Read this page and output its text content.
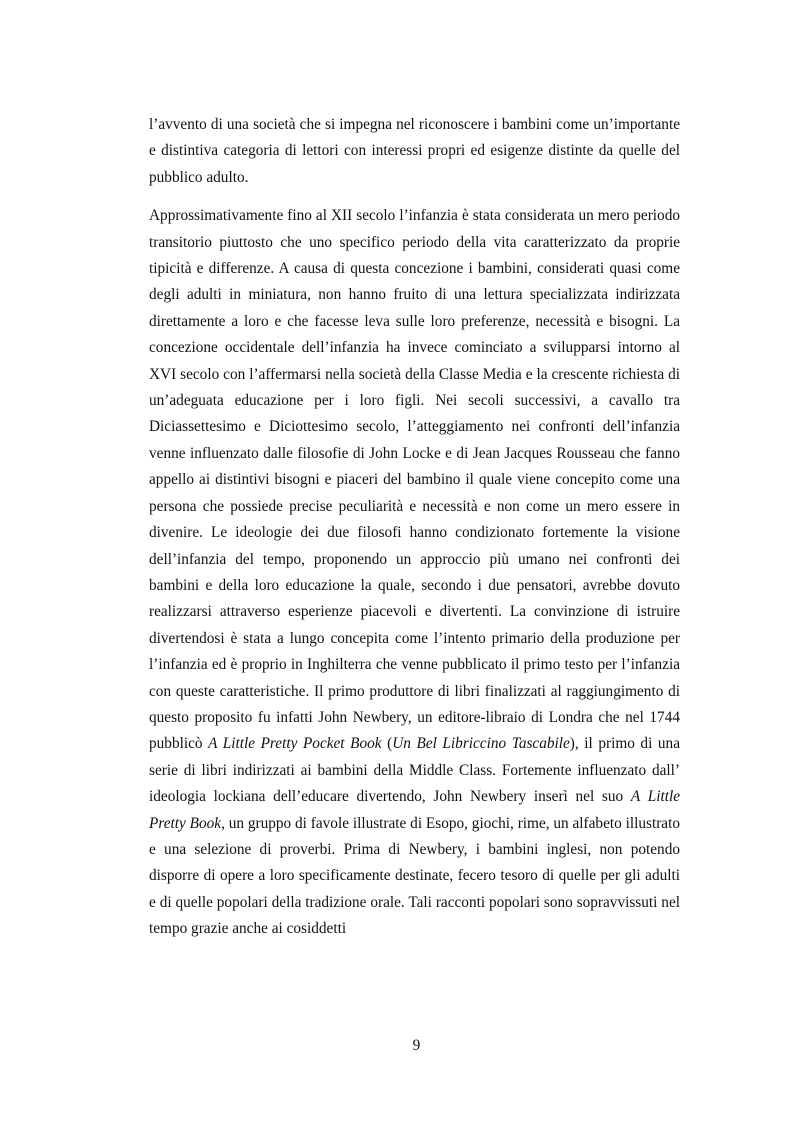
l’avvento di una società che si impegna nel riconoscere i bambini come un’importante e distintiva categoria di lettori con interessi propri ed esigenze distinte da quelle del pubblico adulto.

Approssimativamente fino al XII secolo l’infanzia è stata considerata un mero periodo transitorio piuttosto che uno specifico periodo della vita caratterizzato da proprie tipicità e differenze. A causa di questa concezione i bambini, considerati quasi come degli adulti in miniatura, non hanno fruito di una lettura specializzata indirizzata direttamente a loro e che facesse leva sulle loro preferenze, necessità e bisogni. La concezione occidentale dell’infanzia ha invece cominciato a svilupparsi intorno al XVI secolo con l’affermarsi nella società della Classe Media e la crescente richiesta di un’adeguata educazione per i loro figli. Nei secoli successivi, a cavallo tra Diciassettesimo e Diciottesimo secolo, l’atteggiamento nei confronti dell’infanzia venne influenzato dalle filosofie di John Locke e di Jean Jacques Rousseau che fanno appello ai distintivi bisogni e piaceri del bambino il quale viene concepito come una persona che possiede precise peculiarità e necessità e non come un mero essere in divenire. Le ideologie dei due filosofi hanno condizionato fortemente la visione dell’infanzia del tempo, proponendo un approccio più umano nei confronti dei bambini e della loro educazione la quale, secondo i due pensatori, avrebbe dovuto realizzarsi attraverso esperienze piacevoli e divertenti. La convinzione di istruire divertendosi è stata a lungo concepita come l’intento primario della produzione per l’infanzia ed è proprio in Inghilterra che venne pubblicato il primo testo per l’infanzia con queste caratteristiche. Il primo produttore di libri finalizzati al raggiungimento di questo proposito fu infatti John Newbery, un editore-libraio di Londra che nel 1744 pubblicò A Little Pretty Pocket Book (Un Bel Libriccino Tascabile), il primo di una serie di libri indirizzati ai bambini della Middle Class. Fortemente influenzato dall’ ideologia lockiana dell’educare divertendo, John Newbery inserì nel suo A Little Pretty Book, un gruppo di favole illustrate di Esopo, giochi, rime, un alfabeto illustrato e una selezione di proverbi. Prima di Newbery, i bambini inglesi, non potendo disporre di opere a loro specificamente destinate, fecero tesoro di quelle per gli adulti e di quelle popolari della tradizione orale. Tali racconti popolari sono sopravvissuti nel tempo grazie anche ai cosiddetti

9
